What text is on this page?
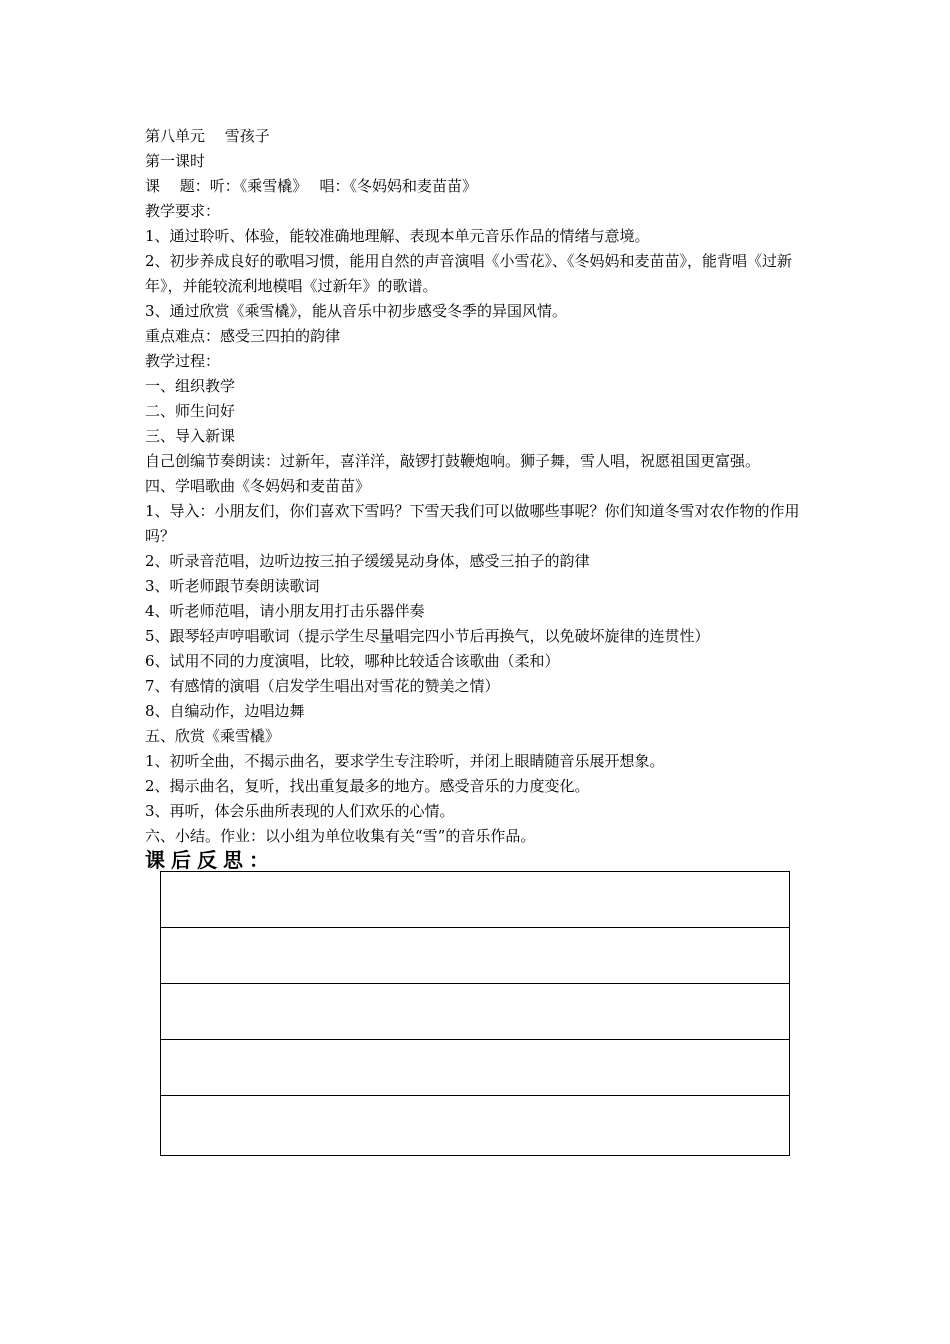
第八单元　 雪孩子
第一课时
课　 题：听：《乘雪橇》　 唱：《冬妈妈和麦苗苗》
教学要求：
1、通过聆听、体验，能较准确地理解、表现本单元音乐作品的情绪与意境。
2、初步养成良好的歌唱习惯，能用自然的声音演唱《小雪花》、《冬妈妈和麦苗苗》，能背唱《过新年》，并能较流利地模唱《过新年》的歌谱。
3、通过欣赏《乘雪橇》，能从音乐中初步感受冬季的异国风情。
重点难点：感受三四拍的韵律
教学过程：
一、组织教学
二、师生问好
三、导入新课
自己创编节奏朗读：过新年，喜洋洋，敲锣打鼓鞭炮响。狮子舞，雪人唱，祝愿祖国更富强。
四、学唱歌曲《冬妈妈和麦苗苗》
1、导入：小朋友们，你们喜欢下雪吗？下雪天我们可以做哪些事呢？你们知道冬雪对农作物的作用吗？
2、听录音范唱，边听边按三拍子缓缓晃动身体，感受三拍子的韵律
3、听老师跟节奏朗读歌词
4、听老师范唱，请小朋友用打击乐器伴奏
5、跟琴轻声哼唱歌词（提示学生尽量唱完四小节后再换气，以免破坏旋律的连贯性）
6、试用不同的力度演唱，比较，哪种比较适合该歌曲（柔和）
7、有感情的演唱（启发学生唱出对雪花的赞美之情）
8、自编动作，边唱边舞
五、欣赏《乘雪橇》
1、初听全曲，不揭示曲名，要求学生专注聆听，并闭上眼睛随音乐展开想象。
2、揭示曲名，复听，找出重复最多的地方。感受音乐的力度变化。
3、再听，体会乐曲所表现的人们欢乐的心情。
六、小结。作业：以小组为单位收集有关“雪”的音乐作品。
课后反思：
